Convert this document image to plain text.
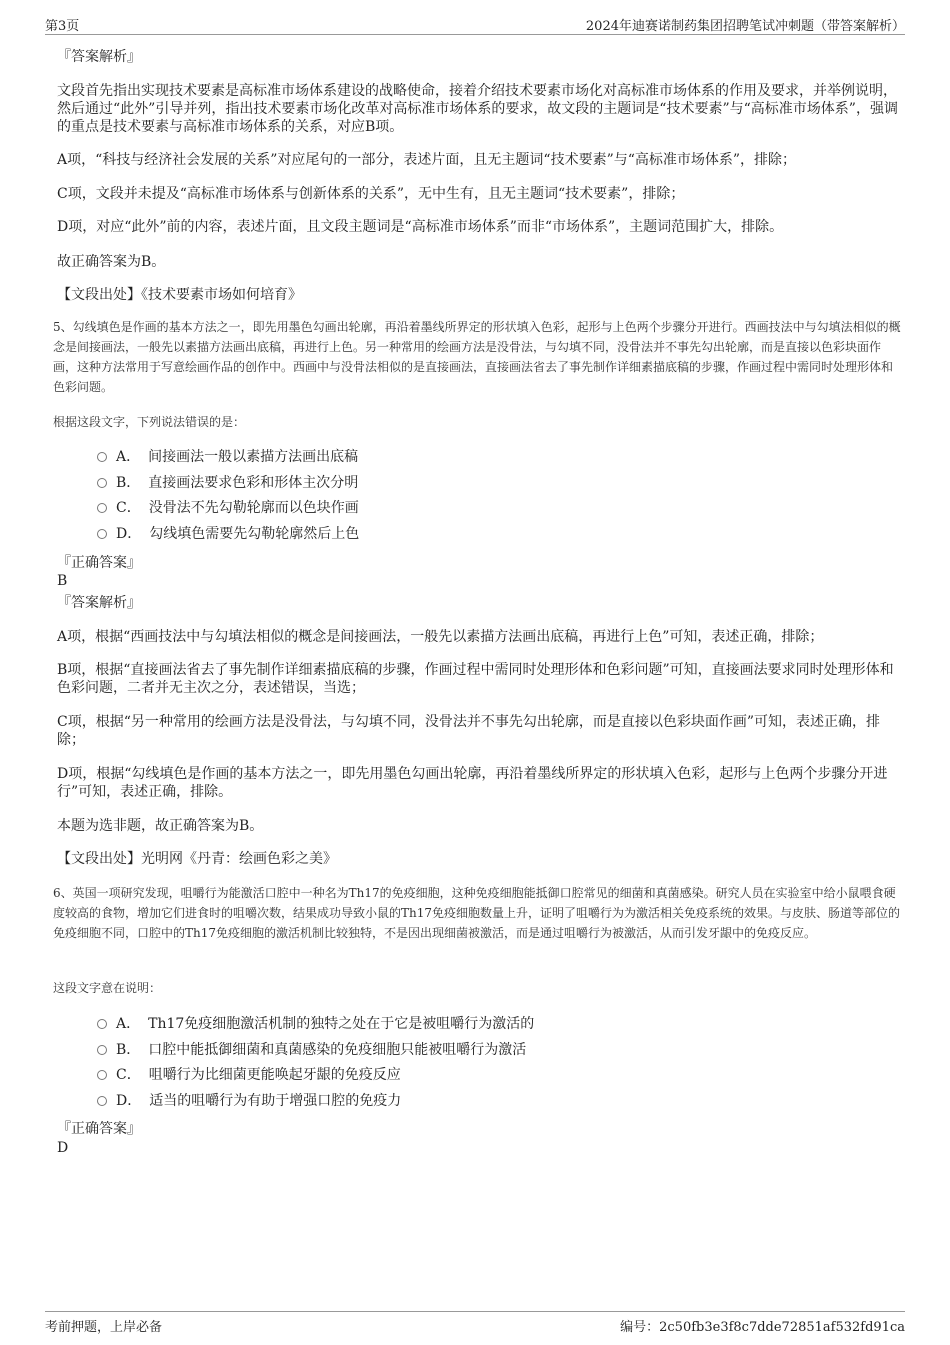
第3页	2024年迪赛诺制药集团招聘笔试冲刺题（带答案解析）

『答案解析』

文段首先指出实现技术要素是高标准市场体系建设的战略使命，接着介绍技术要素市场化对高标准市场体系的作用及要求，并举例说明，然后通过“此外”引导并列，指出技术要素市场化改革对高标准市场体系的要求，故文段的主题词是“技术要素”与“高标准市场体系”，强调的重点是技术要素与高标准市场体系的关系，对应B项。

A项，“科技与经济社会发展的关系”对应尾句的一部分，表述片面，且无主题词“技术要素”与“高标准市场体系”，排除；

C项，文段并未提及“高标准市场体系与创新体系的关系”，无中生有，且无主题词“技术要素”，排除；

D项，对应“此外”前的内容，表述片面，且文段主题词是“高标准市场体系”而非“市场体系”，主题词范围扩大，排除。

故正确答案为B。

【文段出处】《技术要素市场如何培育》

5、勾线填色是作画的基本方法之一，即先用墨色勾画出轮廓，再沿着墨线所界定的形状填入色彩，起形与上色两个步骤分开进行。西画技法中与勾填法相似的概念是间接画法，一般先以素描方法画出底稿，再进行上色。另一种常用的绘画方法是没骨法，与勾填不同，没骨法并不事先勾出轮廓，而是直接以色彩块面作画，这种方法常用于写意绘画作品的创作中。西画中与没骨法相似的是直接画法，直接画法省去了事先制作详细素描底稿的步骤，作画过程中需同时处理形体和色彩问题。

根据这段文字，下列说法错误的是：

A． 间接画法一般以素描方法画出底稿
B． 直接画法要求色彩和形体主次分明
C． 没骨法不先勾勒轮廓而以色块作画
D． 勾线填色需要先勾勒轮廓然后上色

『正确答案』

B

『答案解析』

A项，根据“西画技法中与勾填法相似的概念是间接画法，一般先以素描方法画出底稿，再进行上色”可知，表述正确，排除；

B项，根据“直接画法省去了事先制作详细素描底稿的步骤，作画过程中需同时处理形体和色彩问题”可知，直接画法要求同时处理形体和色彩问题，二者并无主次之分，表述错误，当选；

C项，根据“另一种常用的绘画方法是没骨法，与勾填不同，没骨法并不事先勾出轮廓，而是直接以色彩块面作画”可知，表述正确，排除；

D项，根据“勾线填色是作画的基本方法之一，即先用墨色勾画出轮廓，再沿着墨线所界定的形状填入色彩，起形与上色两个步骤分开进行”可知，表述正确，排除。

本题为选非题，故正确答案为B。

【文段出处】光明网《丹青：绘画色彩之美》

6、英国一项研究发现，咀嚼行为能激活口腔中一种名为Th17的免疫细胞，这种免疫细胞能抵御口腔常见的细菌和真菌感染。研究人员在实验室中给小鼠喂食硬度较高的食物，增加它们进食时的咀嚼次数，结果成功导致小鼠的Th17免疫细胞数量上升，证明了咀嚼行为为激活相关免疫系统的效果。与皮肤、肠道等部位的免疫细胞不同，口腔中的Th17免疫细胞的激活机制比较独特，不是因出现细菌被激活，而是通过咀嚼行为被激活，从而引发牙龈中的免疫反应。

这段文字意在说明：

A． Th17免疫细胞激活机制的独特之处在于它是被咀嚼行为激活的
B． 口腔中能抵御细菌和真菌感染的免疫细胞只能被咀嚼行为激活
C． 咀嚼行为比细菌更能唤起牙龈的免疫反应
D． 适当的咀嚼行为有助于增强口腔的免疫力

『正确答案』

D

考前押题，上岸必备	编号：2c50fb3e3f8c7dde72851af532fd91ca
